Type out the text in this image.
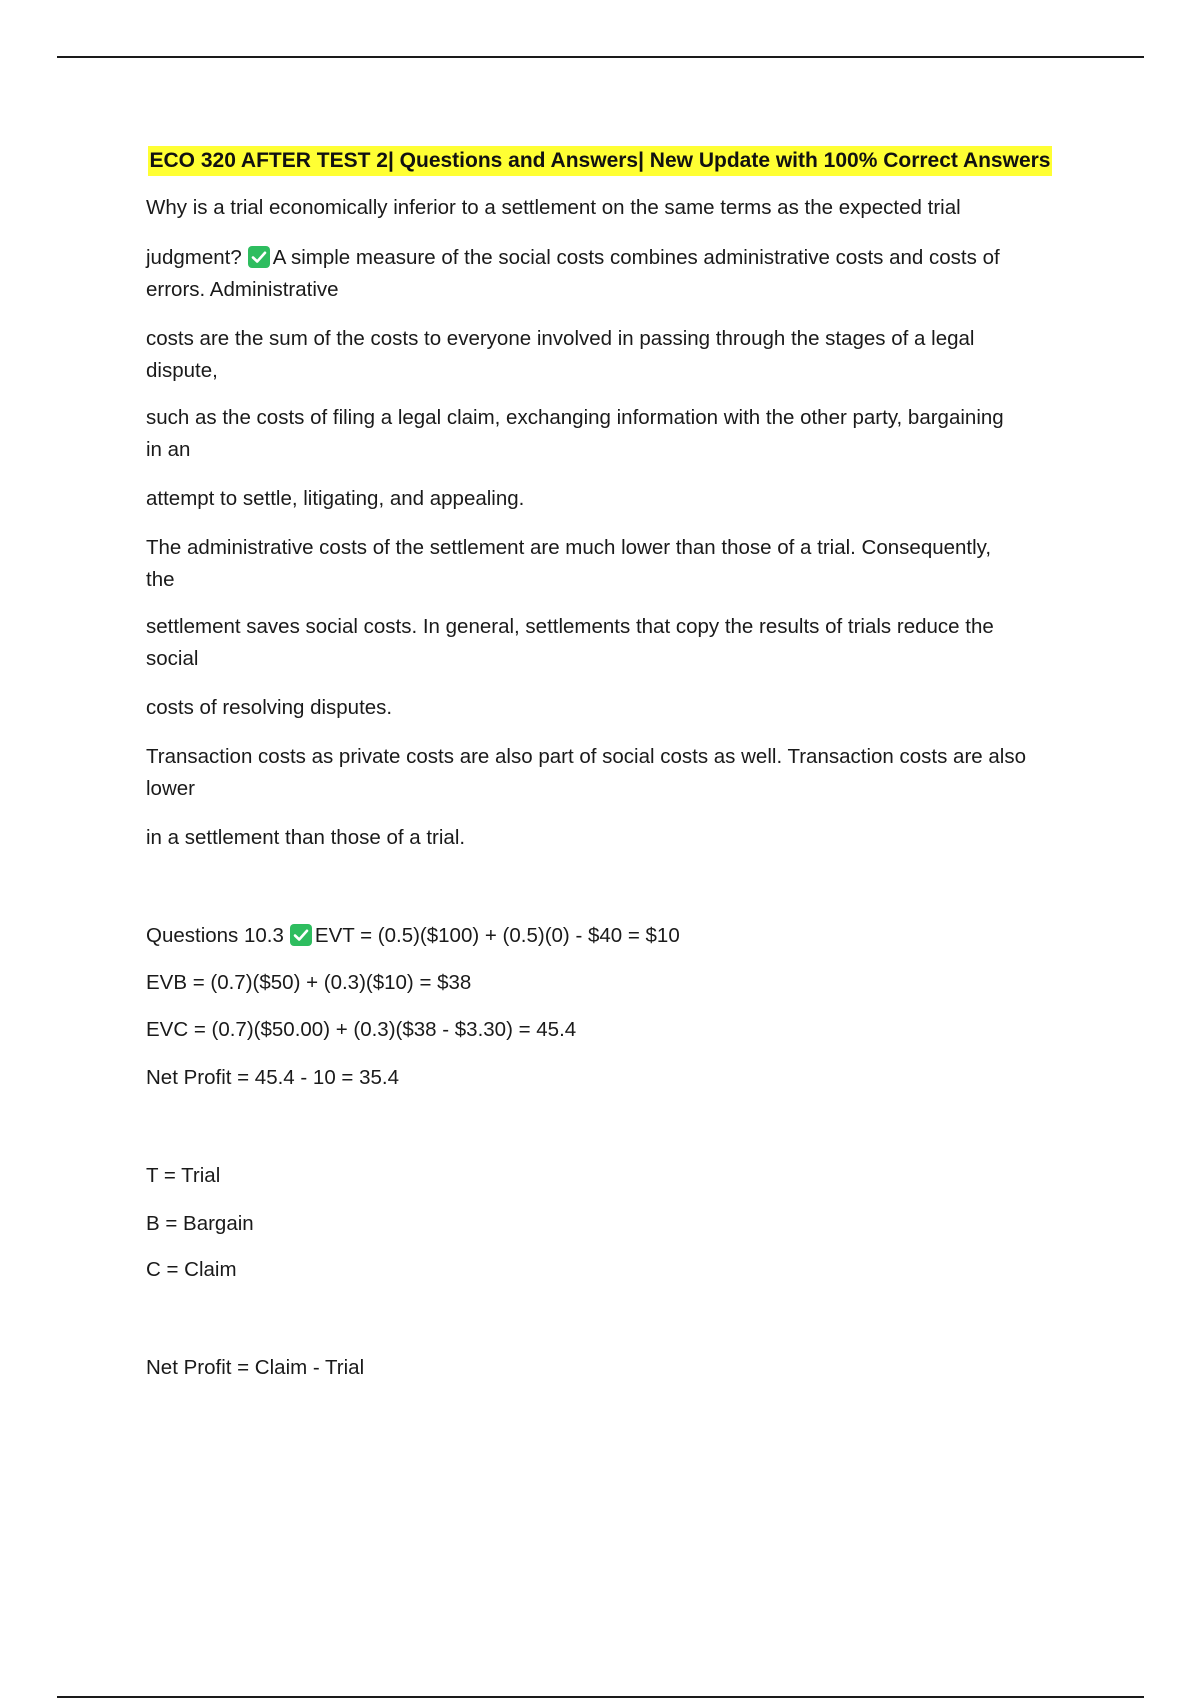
ECO 320 AFTER TEST 2| Questions and Answers| New Update with 100% Correct Answers
Why is a trial economically inferior to a settlement on the same terms as the expected trial
judgment? A simple measure of the social costs combines administrative costs and costs of
errors. Administrative
costs are the sum of the costs to everyone involved in passing through the stages of a legal
dispute,
such as the costs of filing a legal claim, exchanging information with the other party, bargaining
in an
attempt to settle, litigating, and appealing.
The administrative costs of the settlement are much lower than those of a trial. Consequently,
the
settlement saves social costs. In general, settlements that copy the results of trials reduce the
social
costs of resolving disputes.
Transaction costs as private costs are also part of social costs as well. Transaction costs are also
lower
in a settlement than those of a trial.
Questions 10.3 EVT = (0.5)($100) + (0.5)(0) - $40 = $10
EVB = (0.7)($50) + (0.3)($10) = $38
EVC = (0.7)($50.00) + (0.3)($38 - $3.30) = 45.4
Net Profit = 45.4 - 10 = 35.4
T = Trial
B = Bargain
C = Claim
Net Profit = Claim - Trial
